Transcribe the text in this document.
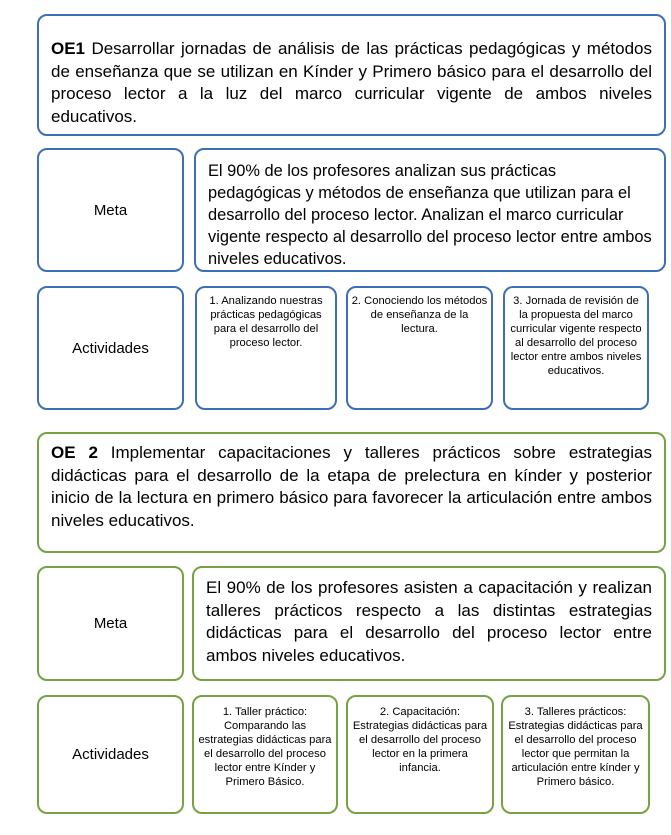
OE1 Desarrollar jornadas de análisis de las prácticas pedagógicas y métodos de enseñanza que se utilizan en Kínder y Primero básico para el desarrollo del proceso lector a la luz del marco curricular vigente de ambos niveles educativos.
Meta
El 90% de los profesores analizan sus prácticas pedagógicas y métodos de enseñanza que utilizan para el desarrollo del proceso lector. Analizan el marco curricular vigente respecto al desarrollo del proceso lector entre ambos niveles educativos.
Actividades
1. Analizando nuestras prácticas pedagógicas para el desarrollo del proceso lector.
2. Conociendo los métodos de enseñanza de la lectura.
3. Jornada de revisión de la propuesta del marco curricular vigente respecto al desarrollo del proceso lector entre ambos niveles educativos.
OE 2 Implementar capacitaciones y talleres prácticos sobre estrategias didácticas para el desarrollo de la etapa de prelectura en kínder y posterior inicio de la lectura en primero básico para favorecer la articulación entre ambos niveles educativos.
Meta
El 90% de los profesores asisten a capacitación y realizan talleres prácticos respecto a las distintas estrategias didácticas para el desarrollo del proceso lector entre ambos niveles educativos.
Actividades
1. Taller práctico: Comparando las estrategias didácticas para el desarrollo del proceso lector entre Kínder y Primero Básico.
2. Capacitación: Estrategias didácticas para el desarrollo del proceso lector en la primera infancia.
3. Talleres prácticos: Estrategias didácticas para el desarrollo del proceso lector que permitan la articulación entre kínder y Primero básico.
